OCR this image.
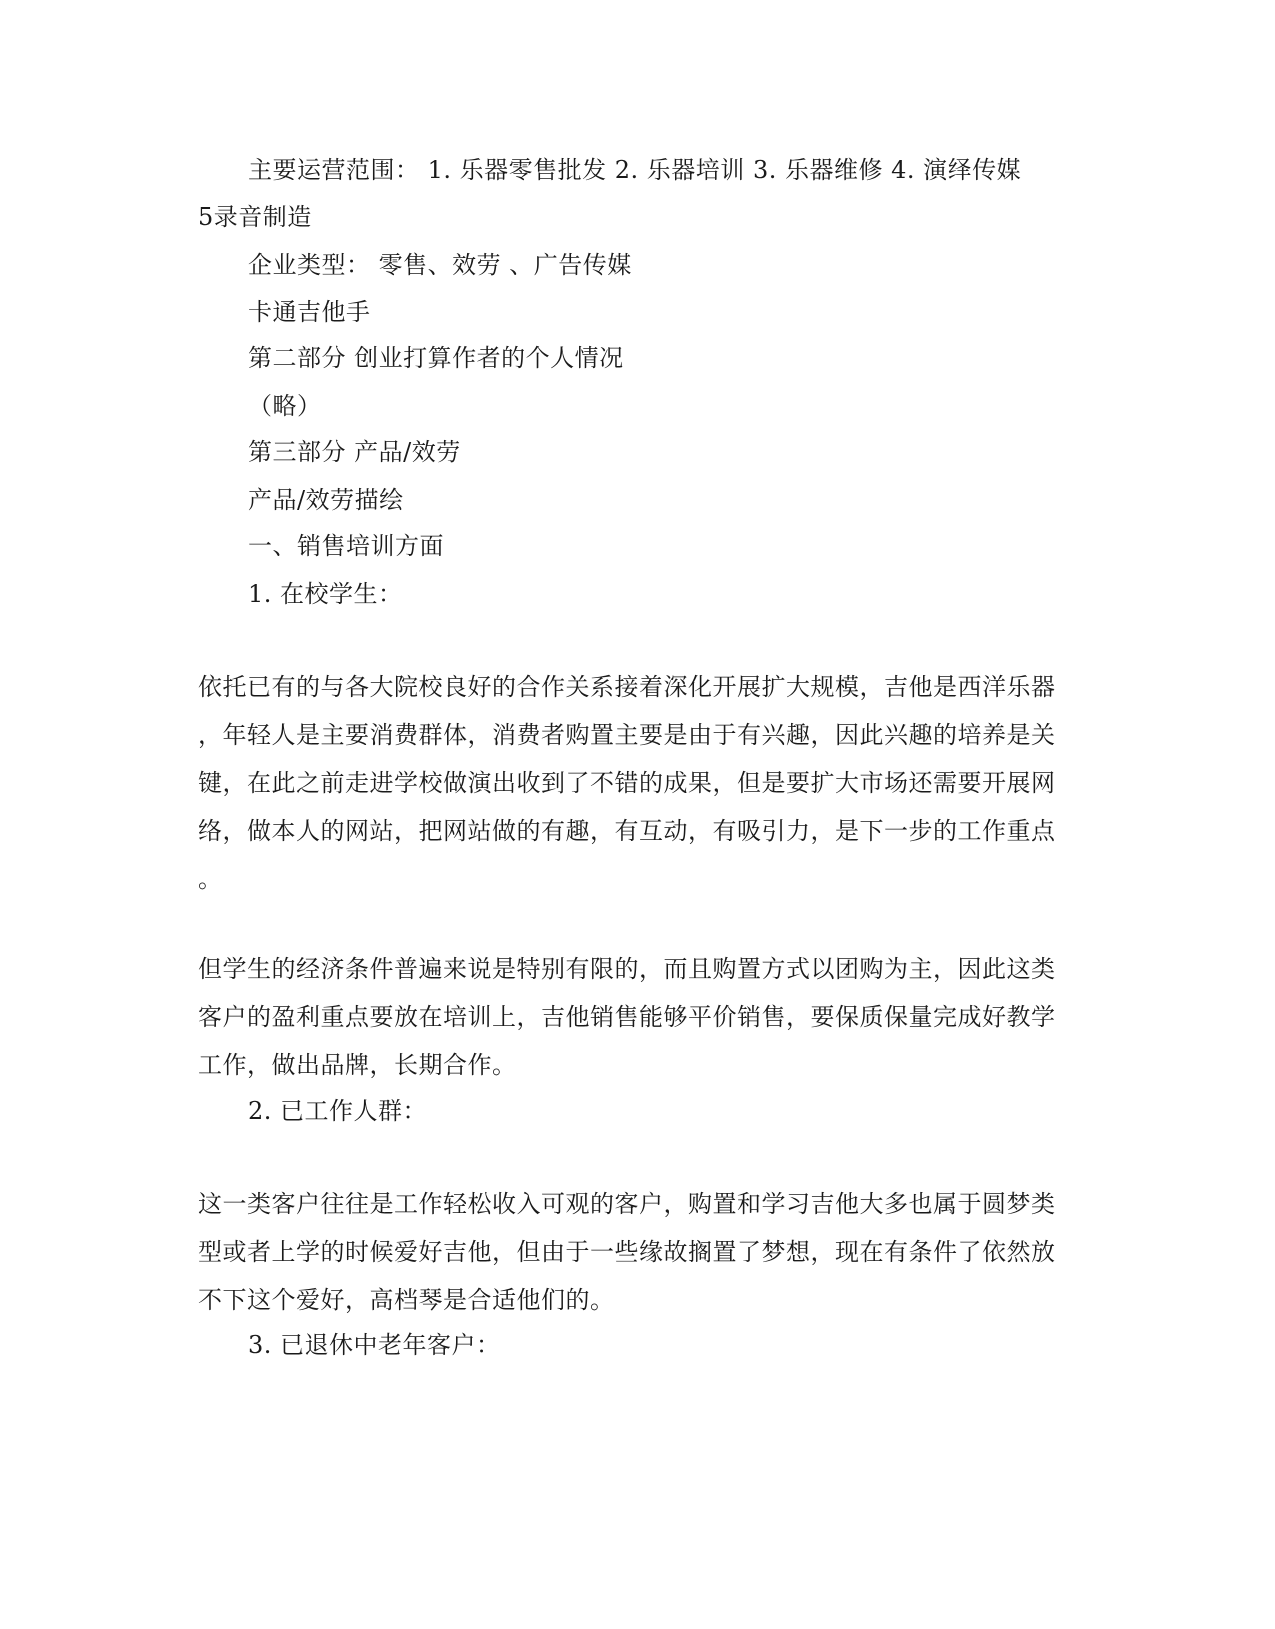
主要运营范围： 1. 乐器零售批发 2. 乐器培训 3. 乐器维修 4. 演绎传媒
5录音制造
企业类型： 零售、效劳 、广告传媒
卡通吉他手
第二部分 创业打算作者的个人情况
（略）
第三部分 产品/效劳
产品/效劳描绘
一、销售培训方面
1. 在校学生：
依托已有的与各大院校良好的合作关系接着深化开展扩大规模，吉他是西洋乐器
，年轻人是主要消费群体，消费者购置主要是由于有兴趣，因此兴趣的培养是关
键，在此之前走进学校做演出收到了不错的成果，但是要扩大市场还需要开展网
络，做本人的网站，把网站做的有趣，有互动，有吸引力，是下一步的工作重点
。
但学生的经济条件普遍来说是特别有限的，而且购置方式以团购为主，因此这类
客户的盈利重点要放在培训上，吉他销售能够平价销售，要保质保量完成好教学
工作，做出品牌，长期合作。
2. 已工作人群：
这一类客户往往是工作轻松收入可观的客户，购置和学习吉他大多也属于圆梦类
型或者上学的时候爱好吉他，但由于一些缘故搁置了梦想，现在有条件了依然放
不下这个爱好，高档琴是合适他们的。
3. 已退休中老年客户：
